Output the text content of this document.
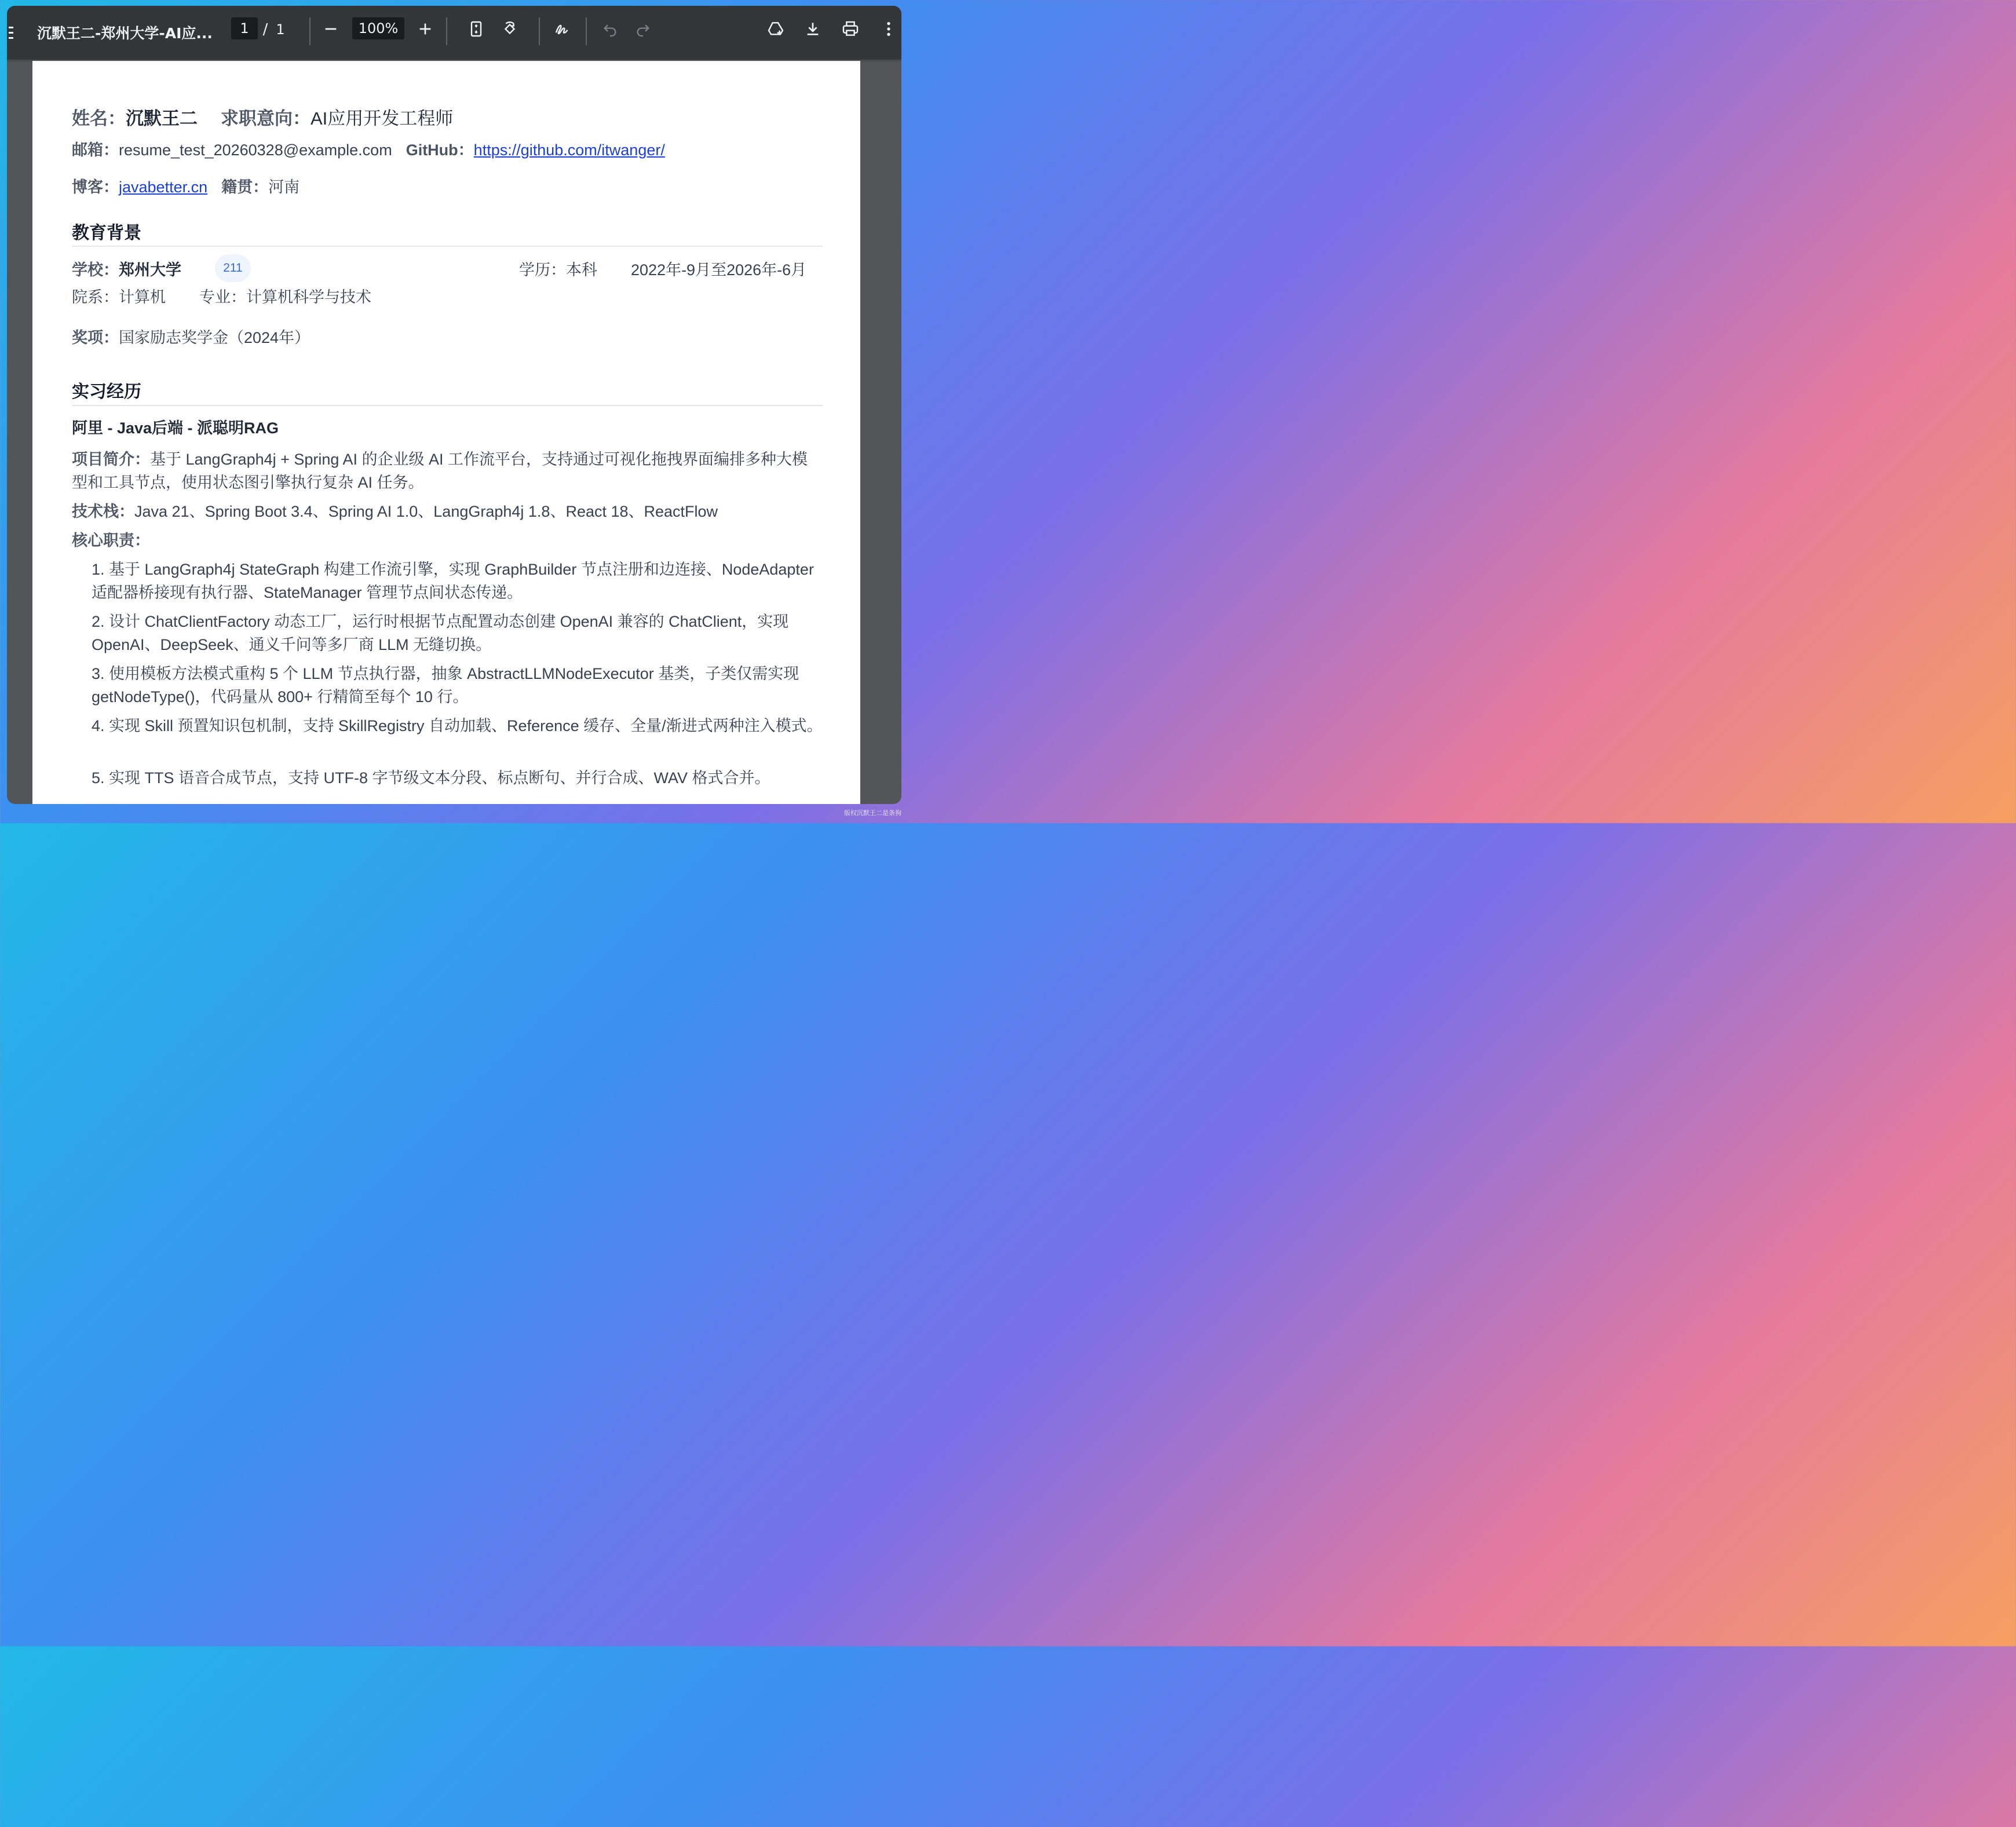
沉默王二-郑州大学-AI应...	1 / 1	100%
姓名： 沉默王二 求职意向： AI应用开发工程师
邮箱： resume_test_20260328@example.com GitHub： https://github.com/itwanger/
博客： javabetter.cn 籍贯： 河南
教育背景
学校： 郑州大学	211	学历： 本科 2022年-9月至2026年-6月
院系： 计算机 专业： 计算机科学与技术
奖项： 国家励志奖学金（2024年）
实习经历
阿里 - Java后端 - 派聪明RAG
项目简介：基于 LangGraph4j + Spring AI 的企业级 AI 工作流平台，支持通过可视化拖拽界面编排多种大模型和工具节点，使用状态图引擎执行复杂 AI 任务。
技术栈：Java 21、Spring Boot 3.4、Spring AI 1.0、LangGraph4j 1.8、React 18、ReactFlow
核心职责：
1. 基于 LangGraph4j StateGraph 构建工作流引擎，实现 GraphBuilder 节点注册和边连接、NodeAdapter 适配器桥接现有执行器、StateManager 管理节点间状态传递。
2. 设计 ChatClientFactory 动态工厂，运行时根据节点配置动态创建 OpenAI 兼容的 ChatClient，实现 OpenAI、DeepSeek、通义千问等多厂商 LLM 无缝切换。
3. 使用模板方法模式重构 5 个 LLM 节点执行器，抽象 AbstractLLMNodeExecutor 基类，子类仅需实现 getNodeType()，代码量从 800+ 行精简至每个 10 行。
4. 实现 Skill 预置知识包机制，支持 SkillRegistry 自动加载、Reference 缓存、全量/渐进式两种注入模式。
5. 实现 TTS 语音合成节点，支持 UTF-8 字节级文本分段、标点断句、并行合成、WAV 格式合并。
版权沉默王二是条狗
